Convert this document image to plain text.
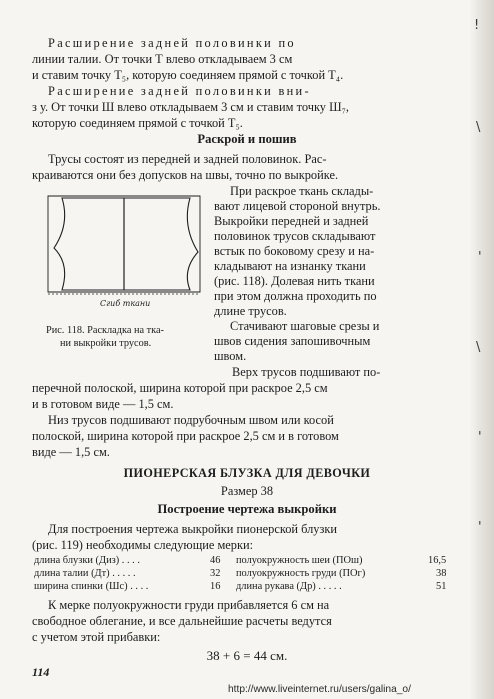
Расширение задней половинки по
линии талии. От точки Т влево откладываем 3 см
и ставим точку Т₅, которую соединяем прямой с точкой Т₄.
Расширение задней половинки вни-
з у. От точки Ш влево откладываем 3 см и ставим точку Ш₇,
которую соединяем прямой с точкой Т₅.
Раскрой и пошив
Трусы состоят из передней и задней половинок. Рас-
краиваются они без допусков на швы, точно по выкройке.
Сгиб ткани
При раскрое ткань склады-
вают лицевой стороной внутрь.
Выкройки передней и задней
половинок трусов складывают
встык по боковому срезу и на-
кладывают на изнанку ткани
(рис. 118). Долевая нить ткани
при этом должна проходить по
длине трусов.
Стачивают шаговые срезы и
швов сидения запошивочным
швом.
Рис. 118. Раскладка на тка-
ни выкройки трусов.
Верх трусов подшивают по-
перечной полоской, ширина которой при раскрое 2,5 см
и в готовом виде — 1,5 см.
Низ трусов подшивают подрубочным швом или косой
полоской, ширина которой при раскрое 2,5 см и в готовом
виде — 1,5 см.
ПИОНЕРСКАЯ БЛУЗКА ДЛЯ ДЕВОЧКИ
Размер 38
Построение чертежа выкройки
Для построения чертежа выкройки пионерской блузки
(рис. 119) необходимы следующие мерки:
длина блузки (Диз) . . . .	46
длина талии (Дт) . . . . .	32
ширина спинки (Шс) . . . .	16
полуокружность шеи (ПОш)	16,5
полуокружность груди (ПОг)	38
длина рукава (Др) . . . . .	51
К мерке полуокружности груди прибавляется 6 см на
свободное облегание, и все дальнейшие расчеты ведутся
с учетом этой прибавки:
38 + 6 = 44 см.
114
http://www.liveinternet.ru/users/galina_o/
!
\
'
\
'
'
